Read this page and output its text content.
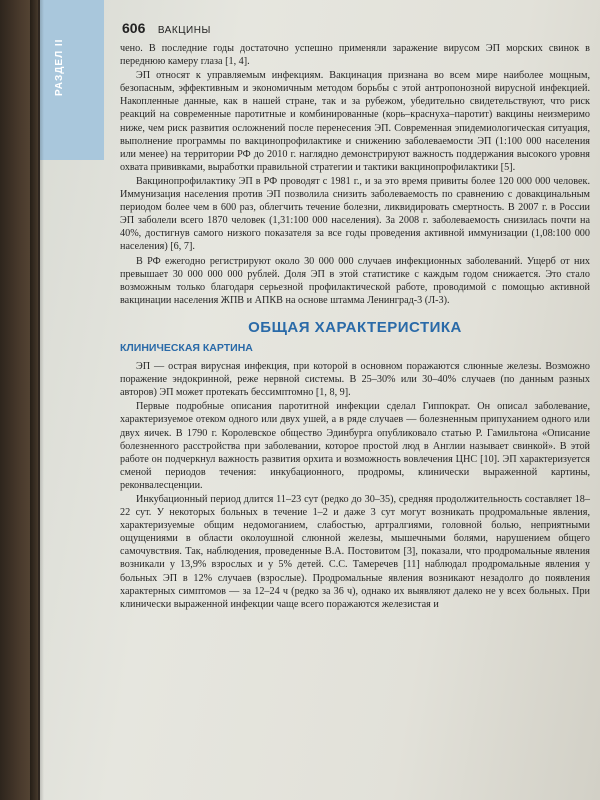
РАЗДЕЛ II
606 ВАКЦИНЫ

чено. В последние годы достаточно успешно применяли заражение вирусом ЭП морских свинок в переднюю камеру глаза [1, 4].

ЭП относят к управляемым инфекциям. Вакцинация признана во всем мире наиболее мощным, безопасным, эффективным и экономичным методом борьбы с этой антропонозной вирусной инфекцией. Накопленные данные, как в нашей стране, так и за рубежом, убедительно свидетельствуют, что риск реакций на современные паротитные и комбинированные (корь–краснуха–паротит) вакцины неизмеримо ниже, чем риск развития осложнений после перенесения ЭП. Современная эпидемиологическая ситуация, выполнение программы по вакцинопрофилактике и снижению заболеваемости ЭП (1:100 000 населения или менее) на территории РФ до 2010 г. наглядно демонстрируют важность поддержания высокого уровня охвата прививками, выработки правильной стратегии и тактики вакцинопрофилактики [5].

Вакцинопрофилактику ЭП в РФ проводят с 1981 г., и за это время привиты более 120 000 000 человек. Иммунизация населения против ЭП позволила снизить заболеваемость по сравнению с довакцинальным периодом более чем в 600 раз, облегчить течение болезни, ликвидировать смертность. В 2007 г. в России ЭП заболели всего 1870 человек (1,31:100 000 населения). За 2008 г. заболеваемость снизилась почти на 40%, достигнув самого низкого показателя за все годы проведения активной иммунизации (1,08:100 000 населения) [6, 7].

В РФ ежегодно регистрируют около 30 000 000 случаев инфекционных заболеваний. Ущерб от них превышает 30 000 000 000 рублей. Доля ЭП в этой статистике с каждым годом снижается. Это стало возможным только благодаря серьезной профилактической работе, проводимой с помощью активной вакцинации населения ЖПВ и АПКВ на основе штамма Ленинград-3 (Л-3).

ОБЩАЯ ХАРАКТЕРИСТИКА
КЛИНИЧЕСКАЯ КАРТИНА

ЭП — острая вирусная инфекция, при которой в основном поражаются слюнные железы. Возможно поражение эндокринной, реже нервной системы. В 25–30% или 30–40% случаев (по данным разных авторов) ЭП может протекать бессимптомно [1, 8, 9].

Первые подробные описания паротитной инфекции сделал Гиппократ. Он описал заболевание, характеризуемое отеком одного или двух ушей, а в ряде случаев — болезненным припуханием одного или двух яичек. В 1790 г. Королевское общество Эдинбурга опубликовало статью Р. Гамильтона «Описание болезненного расстройства при заболевании, которое простой люд в Англии называет свинкой». В этой работе он подчеркнул важность развития орхита и возможность вовлечения ЦНС [10]. ЭП характеризуется сменой периодов течения: инкубационного, продромы, клинически выраженной картины, реконвалесценции.

Инкубационный период длится 11–23 сут (редко до 30–35), средняя продолжительность составляет 18–22 сут. У некоторых больных в течение 1–2 и даже 3 сут могут возникать продромальные явления, характеризуемые общим недомоганием, слабостью, артралгиями, головной болью, неприятными ощущениями в области околоушной слюнной железы, мышечными болями, нарушением общего самочувствия. Так, наблюдения, проведенные В.А. Постовитом [3], показали, что продромальные явления возникали у 13,9% взрослых и у 5% детей. С.С. Тамеречев [11] наблюдал продромальные явления у больных ЭП в 12% случаев (взрослые). Продромальные явления возникают незадолго до появления характерных симптомов — за 12–24 ч (редко за 36 ч), однако их выявляют далеко не у всех больных. При клинически выраженной инфекции чаще всего поражаются железистая и
